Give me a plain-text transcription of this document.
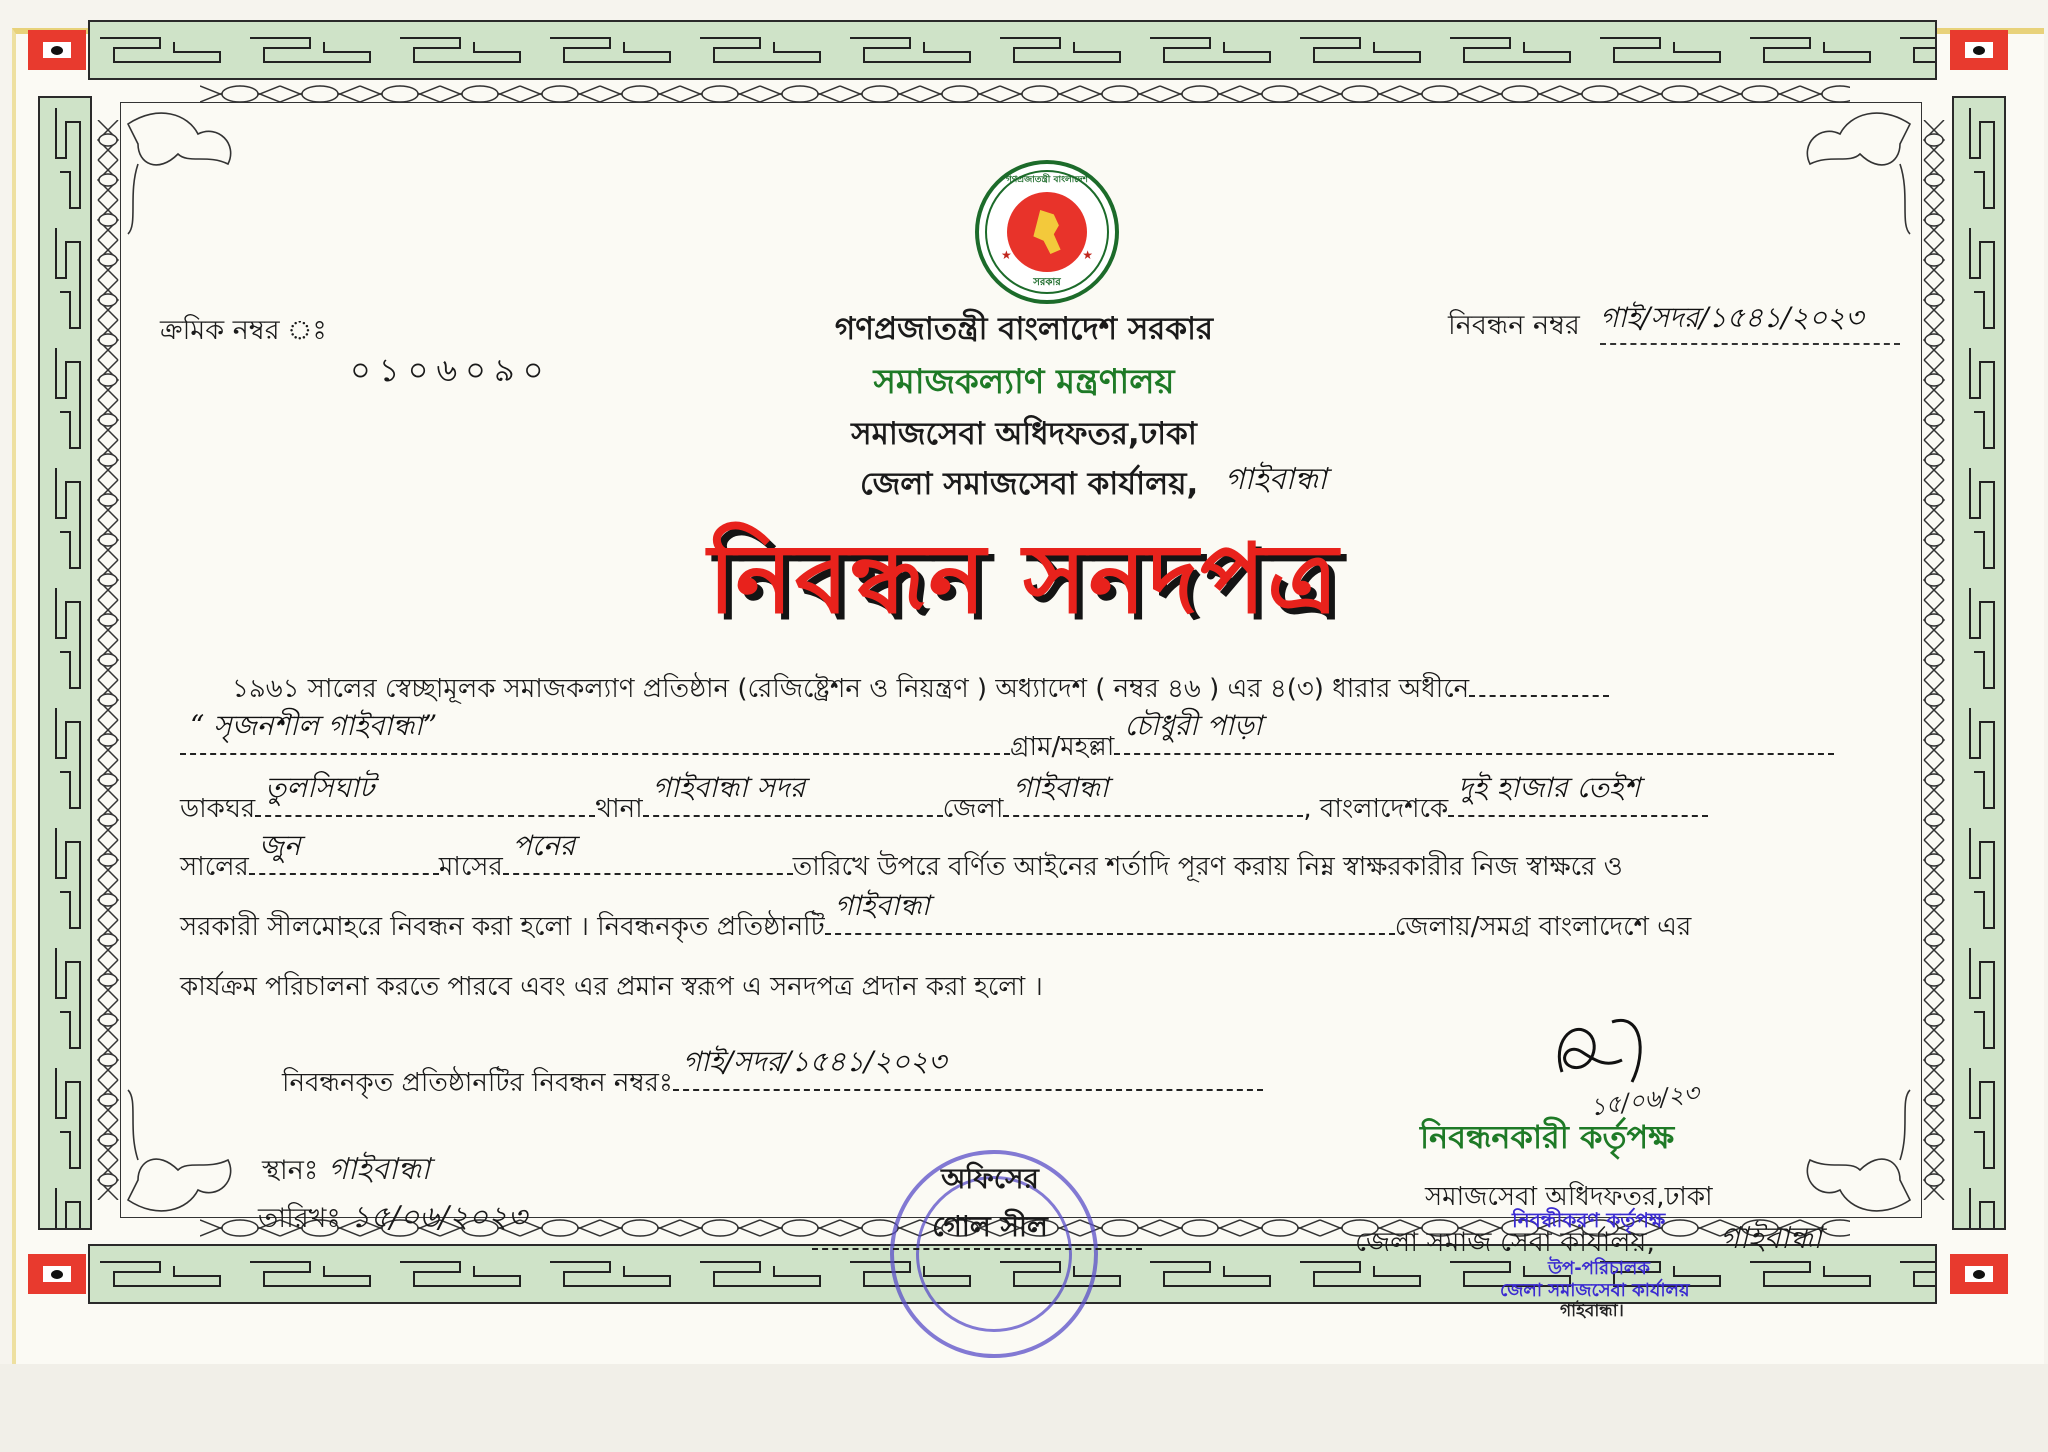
গণপ্রজাতন্ত্রী বাংলাদেশ
★	★
সরকার
ক্রমিক নম্বর ঃ
০১০৬০৯০
নিবন্ধন নম্বর গাই/সদর/১৫৪১/২০২৩
গণপ্রজাতন্ত্রী বাংলাদেশ সরকার
সমাজকল্যাণ মন্ত্রণালয়
সমাজসেবা অধিদফতর,ঢাকা
জেলা সমাজসেবা কার্যালয়, গাইবান্ধা
নিবন্ধন সনদপত্র
১৯৬১ সালের স্বেচ্ছামূলক সমাজকল্যাণ প্রতিষ্ঠান (রেজিষ্ট্রেশন ও নিয়ন্ত্রণ ) অধ্যাদেশ ( নম্বর ৪৬ ) এর ৪(৩) ধারার অধীনে
“ সৃজনশীল গাইবান্ধা”
গ্রাম/মহল্লা
চৌধুরী পাড়া
ডাকঘর
তুলসিঘাট
থানা
গাইবান্ধা সদর
জেলা
গাইবান্ধা
, বাংলাদেশকে
দুই হাজার তেইশ
সালের
জুন
মাসের
পনের
তারিখে উপরে বর্ণিত আইনের শর্তাদি পূরণ করায় নিম্ন স্বাক্ষরকারীর নিজ স্বাক্ষরে ও
সরকারী সীলমোহরে নিবন্ধন করা হলো । নিবন্ধনকৃত প্রতিষ্ঠানটি
গাইবান্ধা
জেলায়/সমগ্র বাংলাদেশে এর
কার্যক্রম পরিচালনা করতে পারবে এবং এর প্রমান স্বরূপ এ সনদপত্র প্রদান করা হলো ।
নিবন্ধনকৃত প্রতিষ্ঠানটির নিবন্ধন নম্বরঃ
গাই/সদর/১৫৪১/২০২৩
স্থানঃ গাইবান্ধা
তারিখঃ ১৫/০৬/২০২৩
অফিসের
গোল সীল
১৫/০৬/২৩
নিবন্ধনকারী কর্তৃপক্ষ
সমাজসেবা অধিদফতর,ঢাকা
নিবন্ধীকরণ কর্তৃপক্ষ
জেলা সমাজ সেবা কার্যালয়, গাইবান্ধা
উপ-পরিচালক
জেলা সমাজসেবা কার্যালয়
গাইবান্ধা।
